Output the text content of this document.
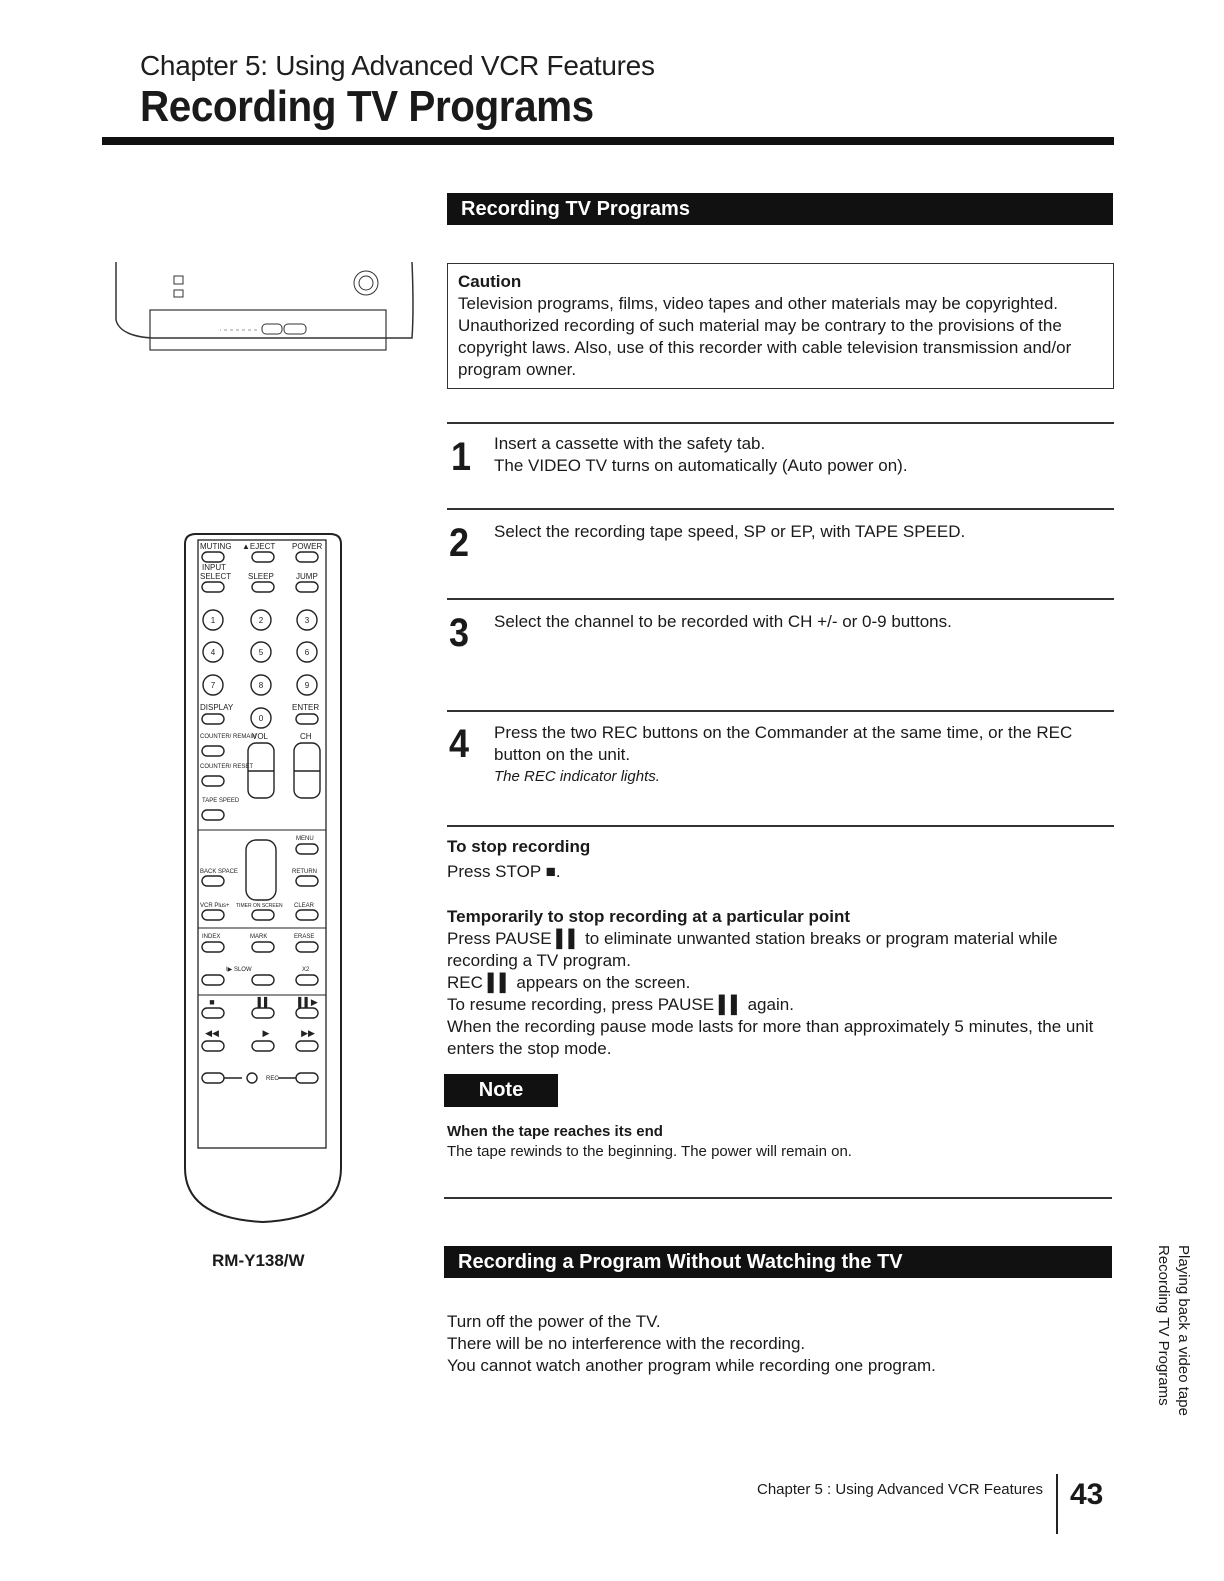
Chapter 5: Using Advanced VCR Features
Recording TV Programs
MUTING ▲EJECT POWER
INPUT
SELECT SLEEP	JUMP
DISPLAY	ENTER
COUNTER/ REMAIN
VOL	CH
COUNTER/ RESET
TAPE SPEED
MENU
BACK SPACE	RETURN
VCR Plus+ TIMER ON SCREEN CLEAR
INDEX	MARK	ERASE
I▶ SLOW	X2
REC
▶
◀◀	▶▶
■	▌▌	▌▌▶
1	2	3
4	5	6
7	8	9
0
RM-Y138/W
Recording TV Programs
Caution
Television programs, films, video tapes and other materials may be copyrighted. Unauthorized recording of such material may be contrary to the provisions of the copyright laws. Also, use of this recorder with cable television transmission and/or program owner.
1 Insert a cassette with the safety tab.
The VIDEO TV turns on automatically (Auto power on).
2 Select the recording tape speed, SP or EP, with TAPE SPEED.
3 Select the channel to be recorded with CH +/- or 0-9 buttons.
4 Press the two REC buttons on the Commander at the same time, or the REC button on the unit.
The REC indicator lights.
To stop recording
Press STOP ■.
Temporarily to stop recording at a particular point
Press PAUSE ▌▌ to eliminate unwanted station breaks or program material while recording a TV program.
REC ▌▌ appears on the screen.
To resume recording, press PAUSE ▌▌ again.
When the recording pause mode lasts for more than approximately 5 minutes, the unit enters the stop mode.
Note
When the tape reaches its end
The tape rewinds to the beginning. The power will remain on.
Recording a Program Without Watching the TV
Turn off the power of the TV.
There will be no interference with the recording.
You cannot watch another program while recording one program.	Playing back a video tape
Recording TV Programs
Chapter 5 : Using Advanced VCR Features 43
